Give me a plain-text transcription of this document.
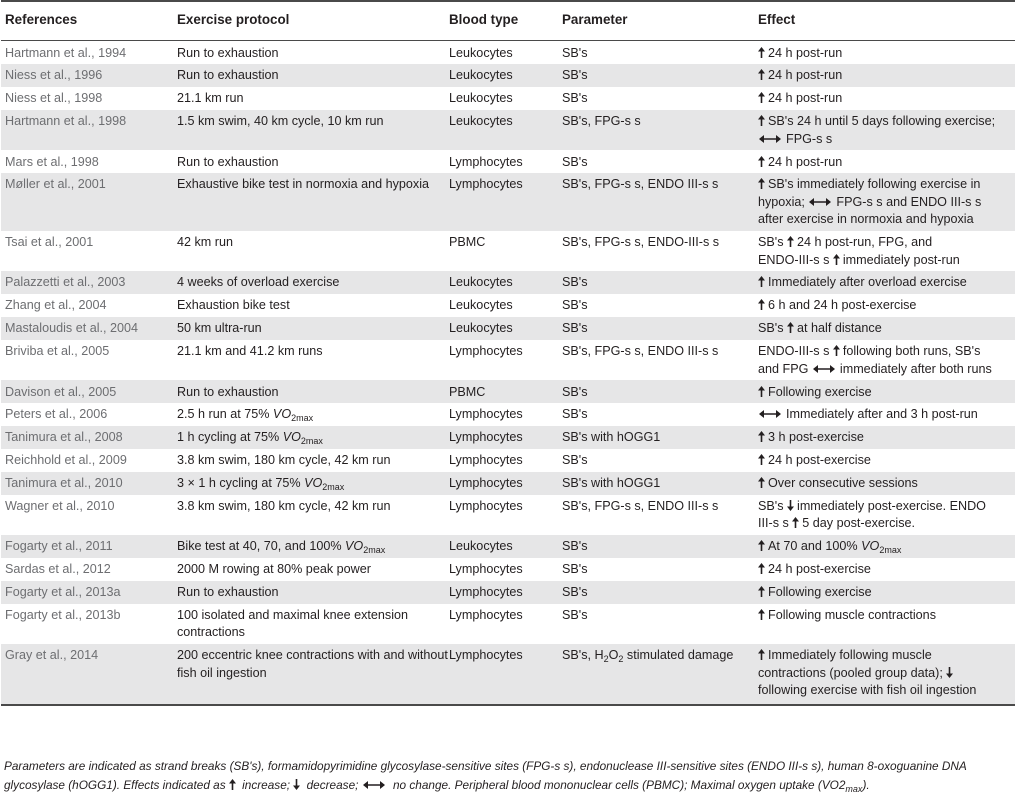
References	Exercise protocol	Blood type	Parameter	Effect
Hartmann et al., 1994	Run to exhaustion	Leukocytes	SB's	24 h post-run
Niess et al., 1996	Run to exhaustion	Leukocytes	SB's	24 h post-run
Niess et al., 1998	21.1 km run	Leukocytes	SB's	24 h post-run
Hartmann et al., 1998	1.5 km swim, 40 km cycle, 10 km run	Leukocytes	SB's, FPG-s s	SB's 24 h until 5 days following exercise;
FPG-s s
Mars et al., 1998	Run to exhaustion	Lymphocytes	SB's	24 h post-run
Møller et al., 2001	Exhaustive bike test in normoxia and hypoxia	Lymphocytes	SB's, FPG-s s, ENDO III-s s	SB's immediately following exercise in
hypoxia; FPG-s s and ENDO III-s s
after exercise in normoxia and hypoxia
Tsai et al., 2001	42 km run	PBMC	SB's, FPG-s s, ENDO-III-s s	SB's
24 h post-run, FPG, and
ENDO-III-s s
immediately post-run
Palazzetti et al., 2003	4 weeks of overload exercise	Leukocytes	SB's	Immediately after overload exercise
Zhang et al., 2004	Exhaustion bike test	Leukocytes	SB's	6 h and 24 h post-exercise
Mastaloudis et al., 2004	50 km ultra-run	Leukocytes	SB's	SB's
at half distance
Briviba et al., 2005	21.1 km and 41.2 km runs	Lymphocytes	SB's, FPG-s s, ENDO III-s s	ENDO-III-s s
following both runs, SB's
and FPG immediately after both runs
Davison et al., 2005	Run to exhaustion	PBMC	SB's	Following exercise
Peters et al., 2006	2.5 h run at 75% $VO_{2max}$	Lymphocytes	SB's	Immediately after and 3 h post-run
Tanimura et al., 2008	1 h cycling at 75% $VO_{2max}$	Lymphocytes	SB's with hOGG1	3 h post-exercise
Reichhold et al., 2009	3.8 km swim, 180 km cycle, 42 km run	Lymphocytes	SB's	24 h post-exercise
Tanimura et al., 2010	3 × 1 h cycling at 75% $VO_{2max}$	Lymphocytes	SB's with hOGG1	Over consecutive sessions
Wagner et al., 2010	3.8 km swim, 180 km cycle, 42 km run	Lymphocytes	SB's, FPG-s s, ENDO III-s s	SB's
immediately post-exercise. ENDO
III-s s
5 day post-exercise.
Fogarty et al., 2011	Bike test at 40, 70, and 100% $VO_{2max}$	Leukocytes	SB's	At 70 and 100% $VO_{2max}$
Sardas et al., 2012	2000 M rowing at 80% peak power	Lymphocytes	SB's	24 h post-exercise
Fogarty et al., 2013a	Run to exhaustion	Lymphocytes	SB's	Following exercise
Fogarty et al., 2013b	100 isolated and maximal knee extension contractions	Lymphocytes	SB's	Following muscle contractions
Gray et al., 2014	200 eccentric knee contractions with and without fish oil ingestion	Lymphocytes	SB's, $H_2O_2$ stimulated damage	Immediately following muscle
contractions (pooled group data);

following exercise with fish oil ingestion
Parameters are indicated as strand breaks (SB's), formamidopyrimidine glycosylase-sensitive sites (FPG-s s), endonuclease III-sensitive sites (ENDO III-s s), human 8-oxoguanine DNA
glycosylase (hOGG1). Effects indicated as
increase;
decrease;  no change. Peripheral blood mononuclear cells (PBMC); Maximal oxygen uptake $(VO2_{max})$.
